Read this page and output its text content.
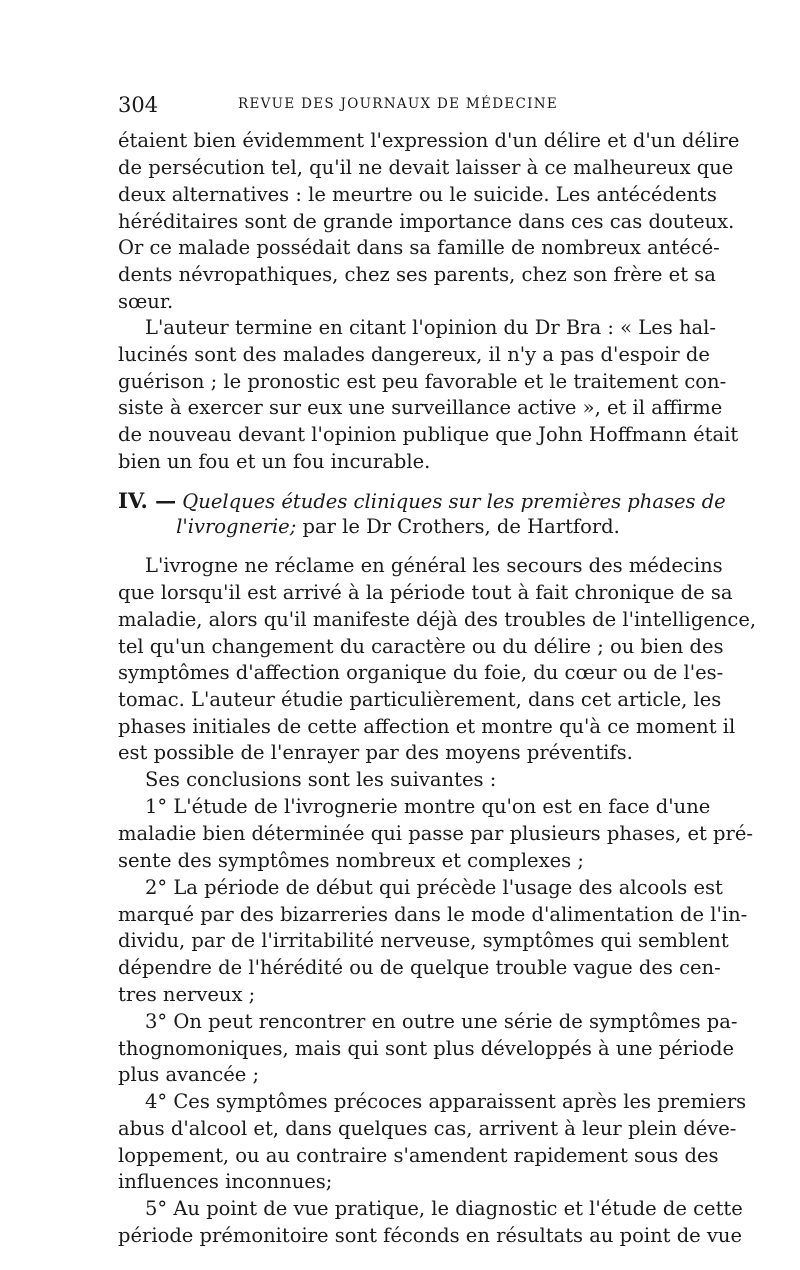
304	REVUE DES JOURNAUX DE MÉDECINE
étaient bien évidemment l'expression d'un délire et d'un délire
de persécution tel, qu'il ne devait laisser à ce malheureux que
deux alternatives : le meurtre ou le suicide. Les antécédents
héréditaires sont de grande importance dans ces cas douteux.
Or ce malade possédait dans sa famille de nombreux antécé-
dents névropathiques, chez ses parents, chez son frère et sa
sœur.
L'auteur termine en citant l'opinion du Dr Bra : « Les hal-
lucinés sont des malades dangereux, il n'y a pas d'espoir de
guérison ; le pronostic est peu favorable et le traitement con-
siste à exercer sur eux une surveillance active », et il affirme
de nouveau devant l'opinion publique que John Hoffmann était
bien un fou et un fou incurable.
IV. — Quelques études cliniques sur les premières phases de
l'ivrognerie; par le Dr Crothers, de Hartford.
L'ivrogne ne réclame en général les secours des médecins
que lorsqu'il est arrivé à la période tout à fait chronique de sa
maladie, alors qu'il manifeste déjà des troubles de l'intelligence,
tel qu'un changement du caractère ou du délire ; ou bien des
symptômes d'affection organique du foie, du cœur ou de l'es-
tomac. L'auteur étudie particulièrement, dans cet article, les
phases initiales de cette affection et montre qu'à ce moment il
est possible de l'enrayer par des moyens préventifs.
Ses conclusions sont les suivantes :
1° L'étude de l'ivrognerie montre qu'on est en face d'une
maladie bien déterminée qui passe par plusieurs phases, et pré-
sente des symptômes nombreux et complexes ;
2° La période de début qui précède l'usage des alcools est
marqué par des bizarreries dans le mode d'alimentation de l'in-
dividu, par de l'irritabilité nerveuse, symptômes qui semblent
dépendre de l'hérédité ou de quelque trouble vague des cen-
tres nerveux ;
3° On peut rencontrer en outre une série de symptômes pa-
thognomoniques, mais qui sont plus développés à une période
plus avancée ;
4° Ces symptômes précoces apparaissent après les premiers
abus d'alcool et, dans quelques cas, arrivent à leur plein déve-
loppement, ou au contraire s'amendent rapidement sous des
influences inconnues;
5° Au point de vue pratique, le diagnostic et l'étude de cette
période prémonitoire sont féconds en résultats au point de vue
